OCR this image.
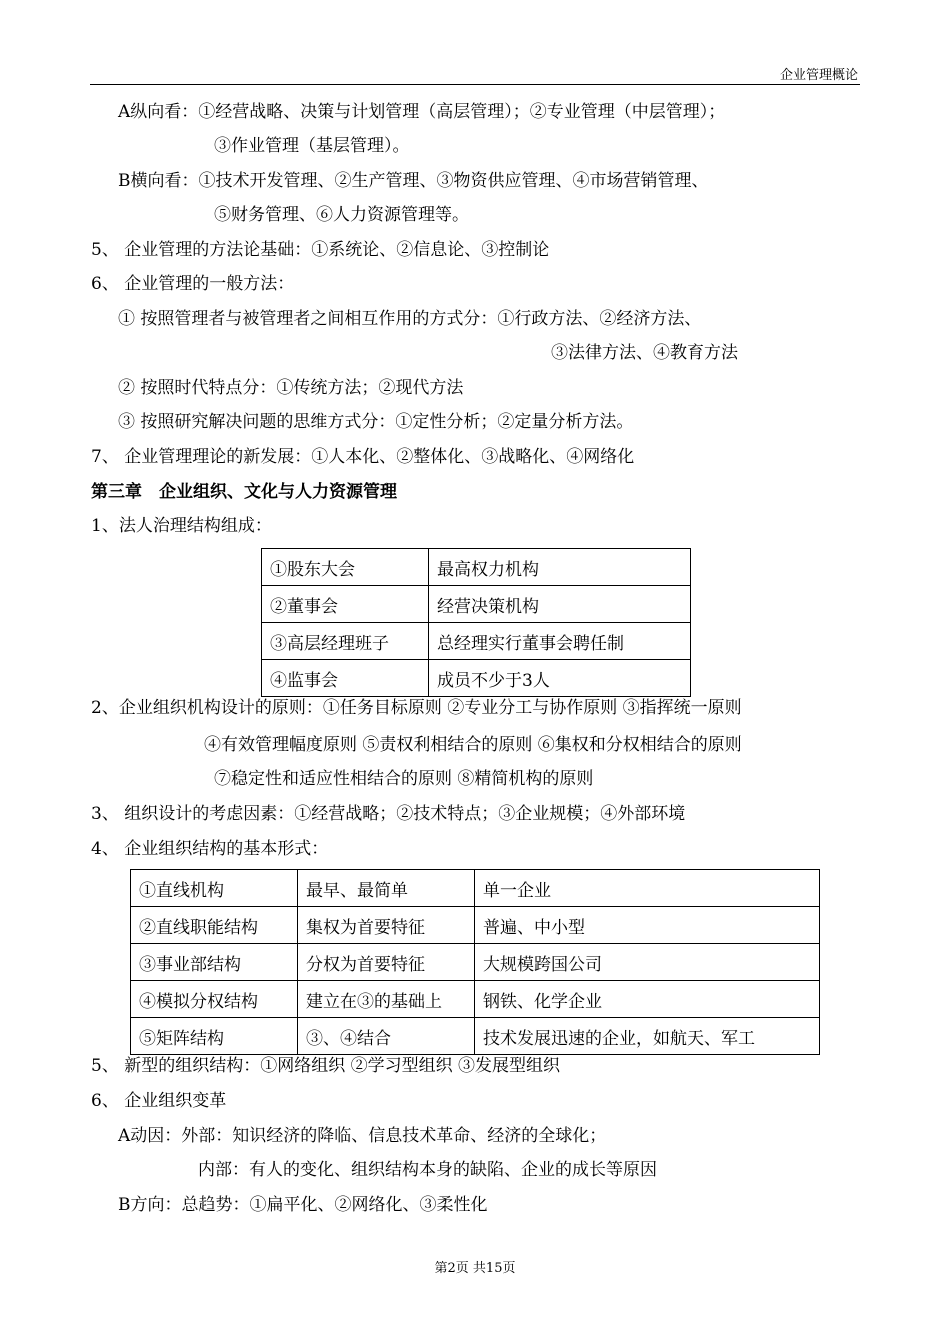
企业管理概论
A纵向看：①经营战略、决策与计划管理（高层管理）；②专业管理（中层管理）；
③作业管理（基层管理）。
B横向看：①技术开发管理、②生产管理、③物资供应管理、④市场营销管理、
⑤财务管理、⑥人力资源管理等。
5、 企业管理的方法论基础：①系统论、②信息论、③控制论
6、 企业管理的一般方法：
① 按照管理者与被管理者之间相互作用的方式分：①行政方法、②经济方法、
③法律方法、④教育方法
② 按照时代特点分：①传统方法；②现代方法
③ 按照研究解决问题的思维方式分：①定性分析；②定量分析方法。
7、 企业管理理论的新发展：①人本化、②整体化、③战略化、④网络化
第三章　企业组织、文化与人力资源管理
1、法人治理结构组成：
①股东大会	最高权力机构
②董事会	经营决策机构
③高层经理班子	总经理实行董事会聘任制
④监事会	成员不少于3人
2、企业组织机构设计的原则：①任务目标原则 ②专业分工与协作原则 ③指挥统一原则
④有效管理幅度原则 ⑤责权利相结合的原则 ⑥集权和分权相结合的原则
⑦稳定性和适应性相结合的原则 ⑧精简机构的原则
3、 组织设计的考虑因素：①经营战略；②技术特点；③企业规模；④外部环境
4、 企业组织结构的基本形式：
①直线机构	最早、最简单	单一企业
②直线职能结构	集权为首要特征	普遍、中小型
③事业部结构	分权为首要特征	大规模跨国公司
④模拟分权结构	建立在③的基础上	钢铁、化学企业
⑤矩阵结构	③、④结合	技术发展迅速的企业，如航天、军工
5、 新型的组织结构：①网络组织 ②学习型组织 ③发展型组织
6、 企业组织变革
A动因：外部：知识经济的降临、信息技术革命、经济的全球化；
内部：有人的变化、组织结构本身的缺陷、企业的成长等原因
B方向：总趋势：①扁平化、②网络化、③柔性化
第2页 共15页
